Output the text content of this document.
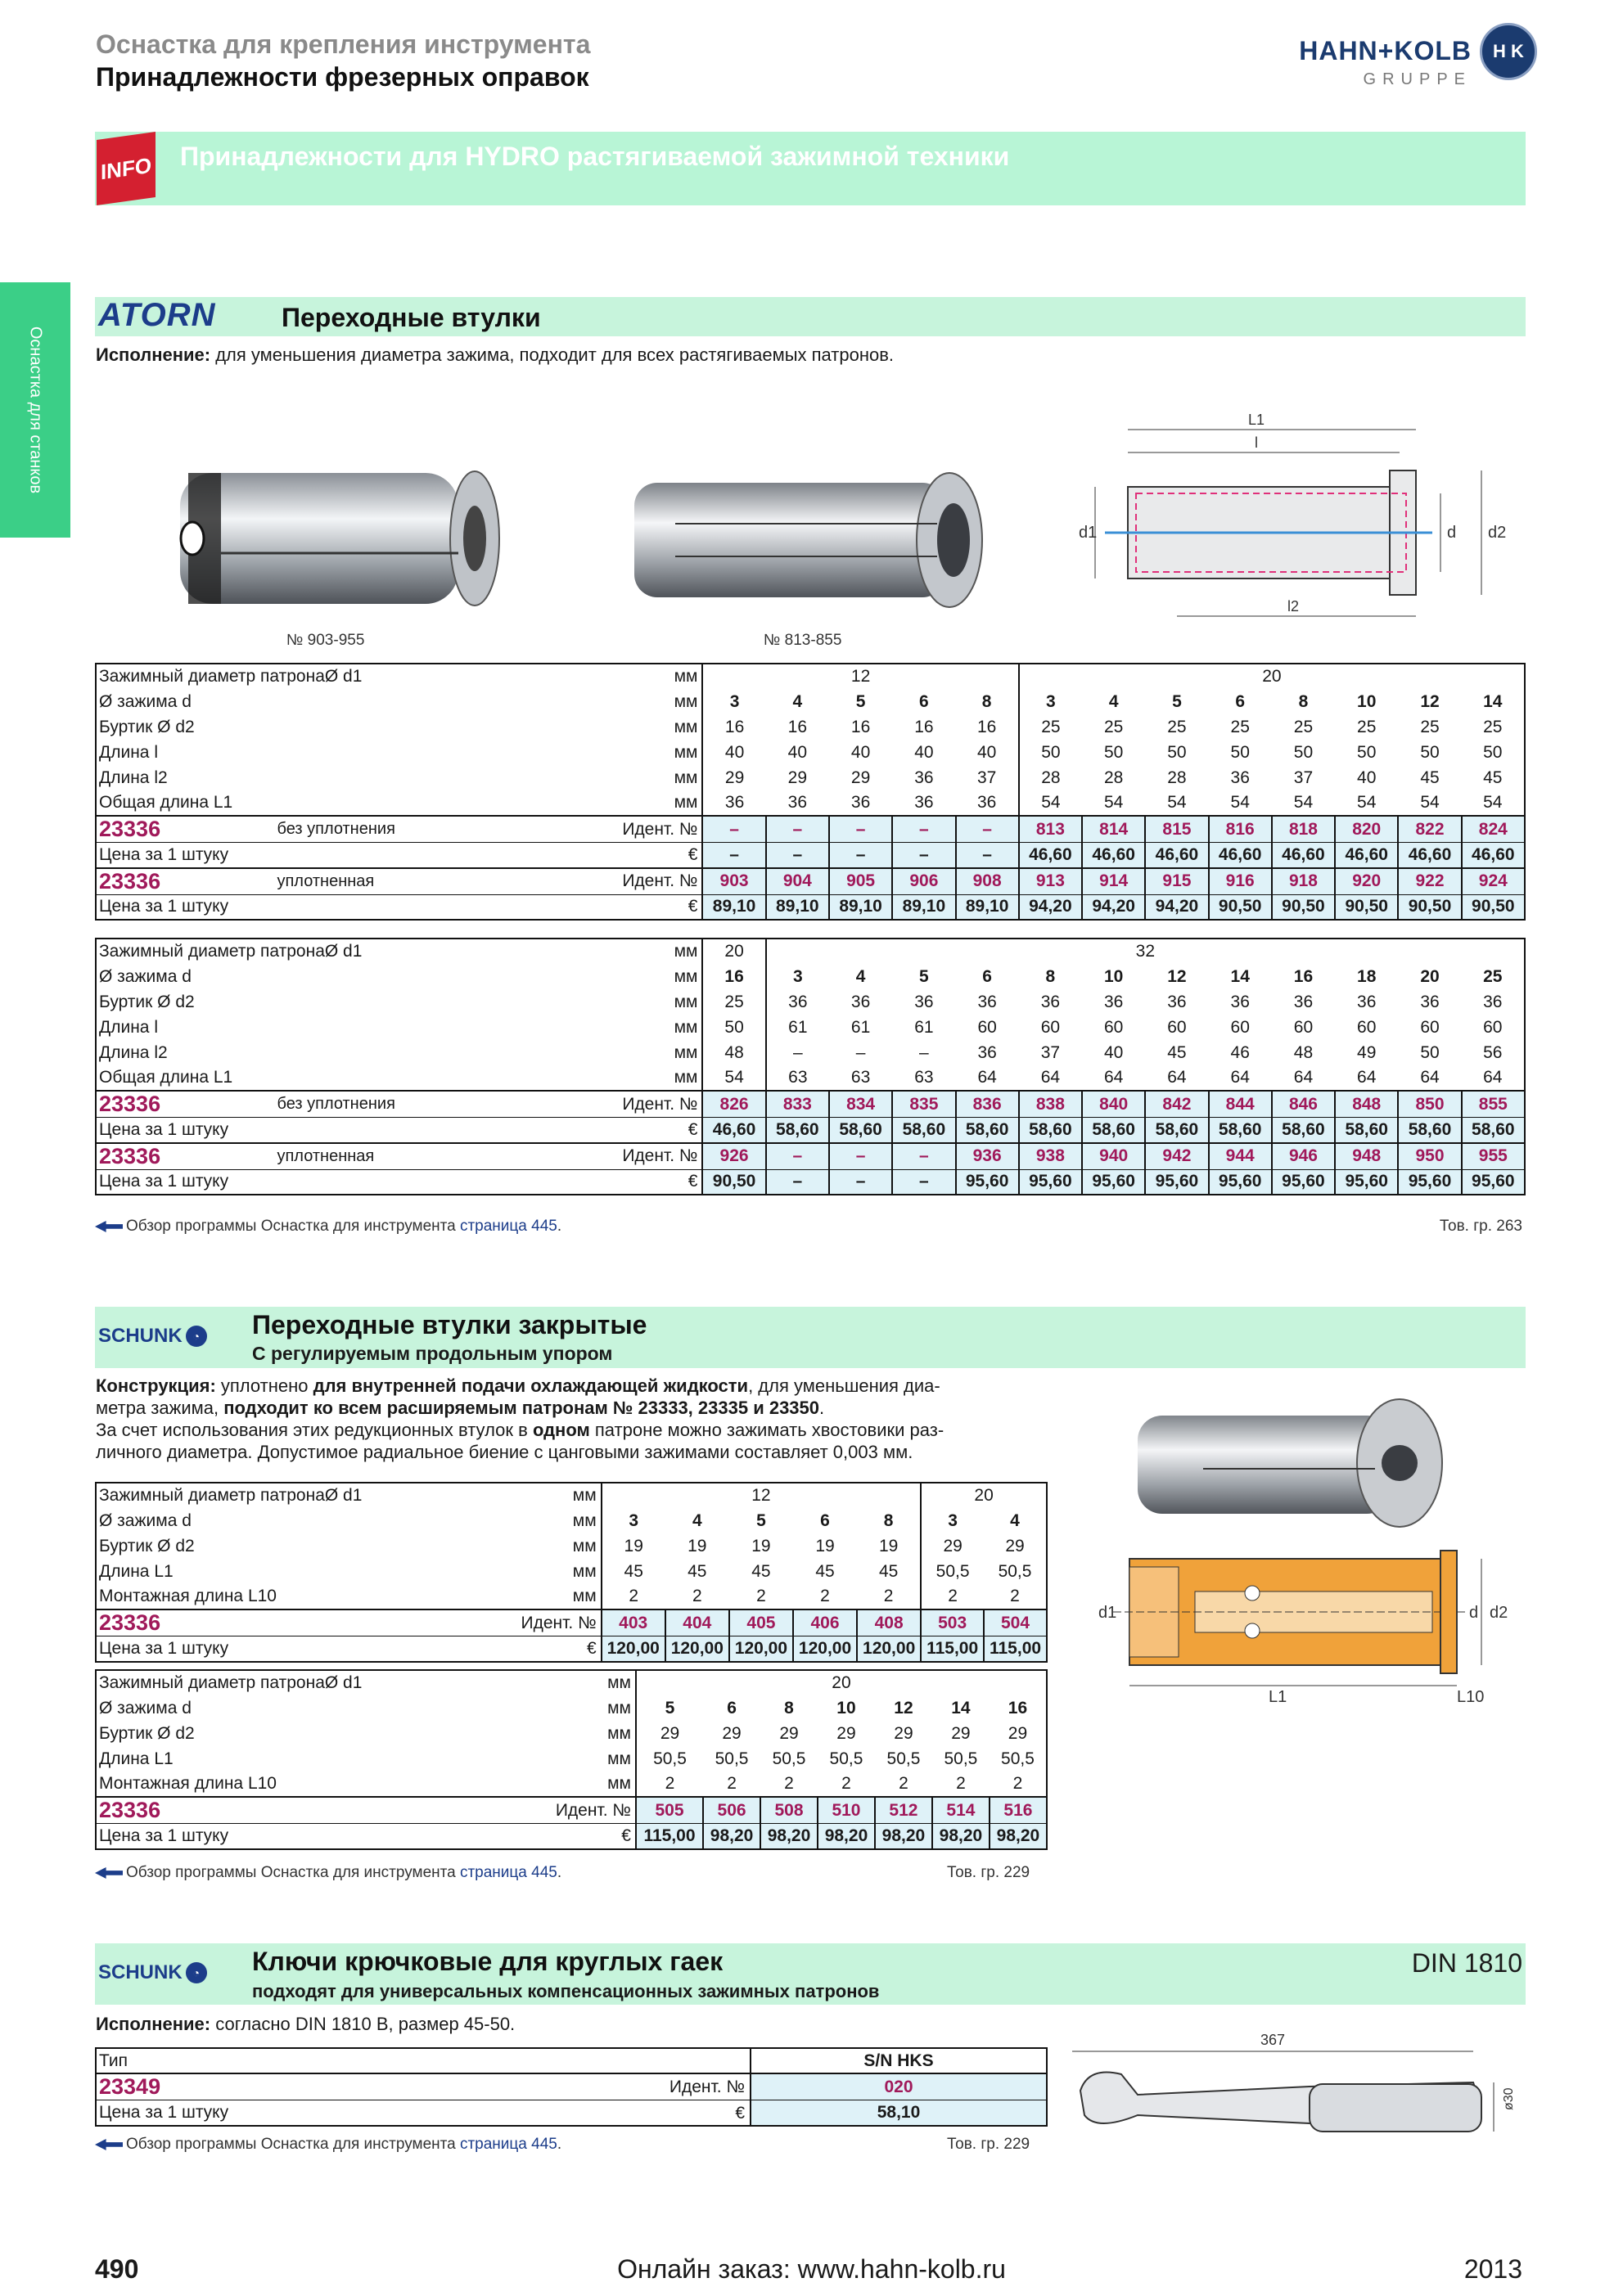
Оснастка для крепления инструмента
Принадлежности фрезерных оправок
HAHN+KOLB
GRUPPE
H K
Оснастка для станков
INFO Принадлежности для HYDRO растягиваемой зажимной техники
ATORN	Переходные втулки
Исполнение: для уменьшения диаметра зажима, подходит для всех растягиваемых патронов.
L1
l
l2
d1	d d2
№ 903-955	№ 813-855
Зажимный диаметр патронаØ d1		мм	12					20							
Ø зажима d		мм	3	4	5	6	8	3	4	5	6	8	10	12	14
Буртик Ø d2		мм	16	16	16	16	16	25	25	25	25	25	25	25	25
Длина l		мм	40	40	40	40	40	50	50	50	50	50	50	50	50
Длина l2		мм	29	29	29	36	37	28	28	28	36	37	40	45	45
Общая длина L1		мм	36	36	36	36	36	54	54	54	54	54	54	54	54
23336	без уплотнения	Идент. №	–	–	–	–	–	813	814	815	816	818	820	822	824
Цена за 1 штуку		€	–	–	–	–	–	46,60	46,60	46,60	46,60	46,60	46,60	46,60	46,60
23336	уплотненная	Идент. №	903	904	905	906	908	913	914	915	916	918	920	922	924
Цена за 1 штуку		€	89,10	89,10	89,10	89,10	89,10	94,20	94,20	94,20	90,50	90,50	90,50	90,50	90,50
Зажимный диаметр патронаØ d1		мм	20	32											
Ø зажима d		мм	16	3	4	5	6	8	10	12	14	16	18	20	25
Буртик Ø d2		мм	25	36	36	36	36	36	36	36	36	36	36	36	36
Длина l		мм	50	61	61	61	60	60	60	60	60	60	60	60	60
Длина l2		мм	48	–	–	–	36	37	40	45	46	48	49	50	56
Общая длина L1		мм	54	63	63	63	64	64	64	64	64	64	64	64	64
23336	без уплотнения	Идент. №	826	833	834	835	836	838	840	842	844	846	848	850	855
Цена за 1 штуку		€	46,60	58,60	58,60	58,60	58,60	58,60	58,60	58,60	58,60	58,60	58,60	58,60	58,60
23336	уплотненная	Идент. №	926	–	–	–	936	938	940	942	944	946	948	950	955
Цена за 1 штуку		€	90,50	–	–	–	95,60	95,60	95,60	95,60	95,60	95,60	95,60	95,60	95,60
Обзор программы Оснастка для инструмента страница 445.	Тов. гр. 263
SCHUNK ◔ Переходные втулки закрытые
С регулируемым продольным упором
Конструкция: уплотнено для внутренней подачи охлаждающей жидкости, для уменьшения диа-
метра зажима, подходит ко всем расширяемым патронам № 23333, 23335 и 23350.
За счет использования этих редукционных втулок в одном патроне можно зажимать хвостовики раз-
личного диаметра. Допустимое радиальное биение с цанговыми зажимами составляет 0,003 мм.
d1	d d2
L1	L10
Зажимный диаметр патронаØ d1		мм	12					20	
Ø зажима d		мм	3	4	5	6	8	3	4
Буртик Ø d2		мм	19	19	19	19	19	29	29
Длина L1		мм	45	45	45	45	45	50,5	50,5
Монтажная длина L10		мм	2	2	2	2	2	2	2
23336		Идент. №	403	404	405	406	408	503	504
Цена за 1 штуку		€	120,00	120,00	120,00	120,00	120,00	115,00	115,00
Зажимный диаметр патронаØ d1		мм	20						
Ø зажима d		мм	5	6	8	10	12	14	16
Буртик Ø d2		мм	29	29	29	29	29	29	29
Длина L1		мм	50,5	50,5	50,5	50,5	50,5	50,5	50,5
Монтажная длина L10		мм	2	2	2	2	2	2	2
23336		Идент. №	505	506	508	510	512	514	516
Цена за 1 штуку		€	115,00	98,20	98,20	98,20	98,20	98,20	98,20
Обзор программы Оснастка для инструмента страница 445.	Тов. гр. 229
SCHUNK ◔ Ключи крючковые для круглых гаек
подходят для универсальных компенсационных зажимных патронов
DIN 1810
Исполнение: согласно DIN 1810 B, размер 45-50.
Тип	S/N HKS
23349 Идент. №	020
Цена за 1 штуку €	58,10
367
ø30
Обзор программы Оснастка для инструмента страница 445.	Тов. гр. 229
490	Онлайн заказ: www.hahn-kolb.ru	2013
